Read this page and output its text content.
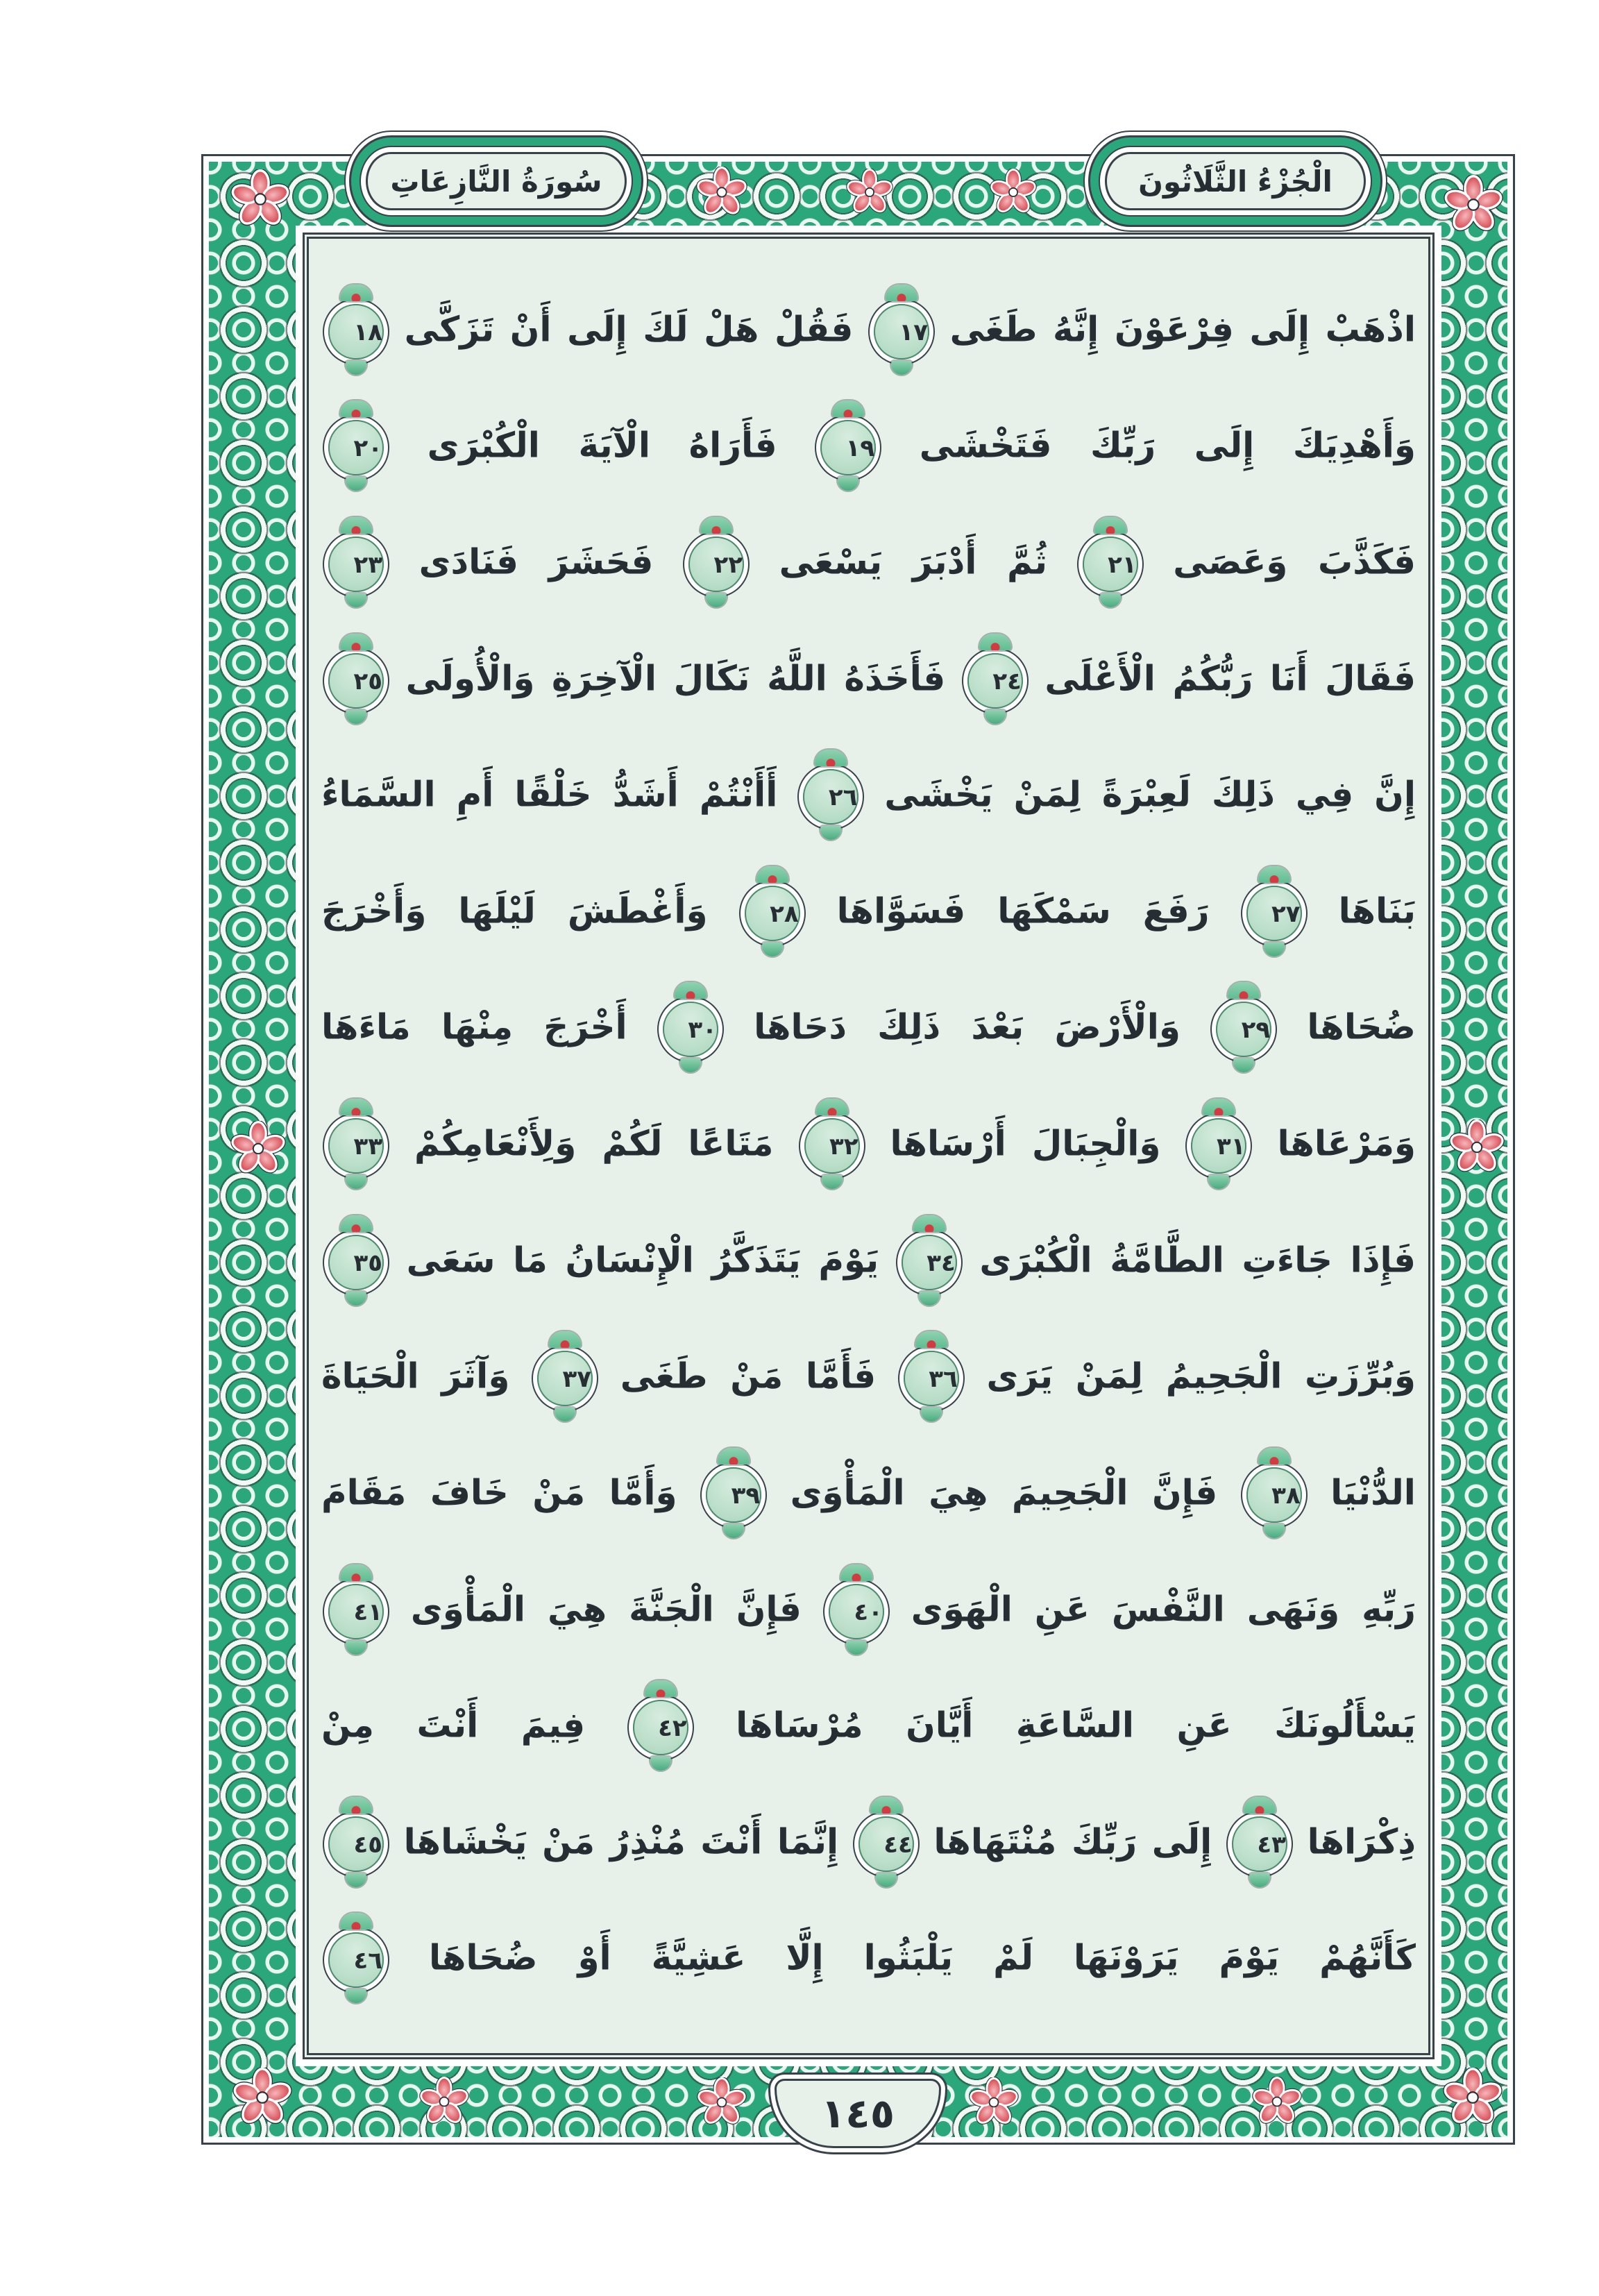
اذْهَبْ إِلَى فِرْعَوْنَ إِنَّهُ طَغَى
١٧
فَقُلْ هَلْ لَكَ إِلَى أَنْ تَزَكَّى
١٨
وَأَهْدِيَكَ إِلَى رَبِّكَ فَتَخْشَى
١٩
فَأَرَاهُ الْآيَةَ الْكُبْرَى
٢٠
فَكَذَّبَ وَعَصَى
٢١
ثُمَّ أَدْبَرَ يَسْعَى
٢٢
فَحَشَرَ فَنَادَى
٢٣
فَقَالَ أَنَا رَبُّكُمُ الْأَعْلَى
٢٤
فَأَخَذَهُ اللَّهُ نَكَالَ الْآخِرَةِ وَالْأُولَى
٢٥
إِنَّ فِي ذَلِكَ لَعِبْرَةً لِمَنْ يَخْشَى
٢٦
أَأَنْتُمْ أَشَدُّ خَلْقًا أَمِ السَّمَاءُ
بَنَاهَا
٢٧
رَفَعَ سَمْكَهَا فَسَوَّاهَا
٢٨
وَأَغْطَشَ لَيْلَهَا وَأَخْرَجَ
ضُحَاهَا
٢٩
وَالْأَرْضَ بَعْدَ ذَلِكَ دَحَاهَا
٣٠
أَخْرَجَ مِنْهَا مَاءَهَا
وَمَرْعَاهَا
٣١
وَالْجِبَالَ أَرْسَاهَا
٣٢
مَتَاعًا لَكُمْ وَلِأَنْعَامِكُمْ
٣٣
فَإِذَا جَاءَتِ الطَّامَّةُ الْكُبْرَى
٣٤
يَوْمَ يَتَذَكَّرُ الْإِنْسَانُ مَا سَعَى
٣٥
وَبُرِّزَتِ الْجَحِيمُ لِمَنْ يَرَى
٣٦
فَأَمَّا مَنْ طَغَى
٣٧
وَآثَرَ الْحَيَاةَ
الدُّنْيَا
٣٨
فَإِنَّ الْجَحِيمَ هِيَ الْمَأْوَى
٣٩
وَأَمَّا مَنْ خَافَ مَقَامَ
رَبِّهِ وَنَهَى النَّفْسَ عَنِ الْهَوَى
٤٠
فَإِنَّ الْجَنَّةَ هِيَ الْمَأْوَى
٤١
يَسْأَلُونَكَ عَنِ السَّاعَةِ أَيَّانَ مُرْسَاهَا
٤٢
فِيمَ أَنْتَ مِنْ
ذِكْرَاهَا
٤٣
إِلَى رَبِّكَ مُنْتَهَاهَا
٤٤
إِنَّمَا أَنْتَ مُنْذِرُ مَنْ يَخْشَاهَا
٤٥
كَأَنَّهُمْ يَوْمَ يَرَوْنَهَا لَمْ يَلْبَثُوا إِلَّا عَشِيَّةً أَوْ ضُحَاهَا
٤٦
سُورَةُ النَّازِعَاتِ	الْجُزْءُ الثَّلَاثُونَ
١٤٥
